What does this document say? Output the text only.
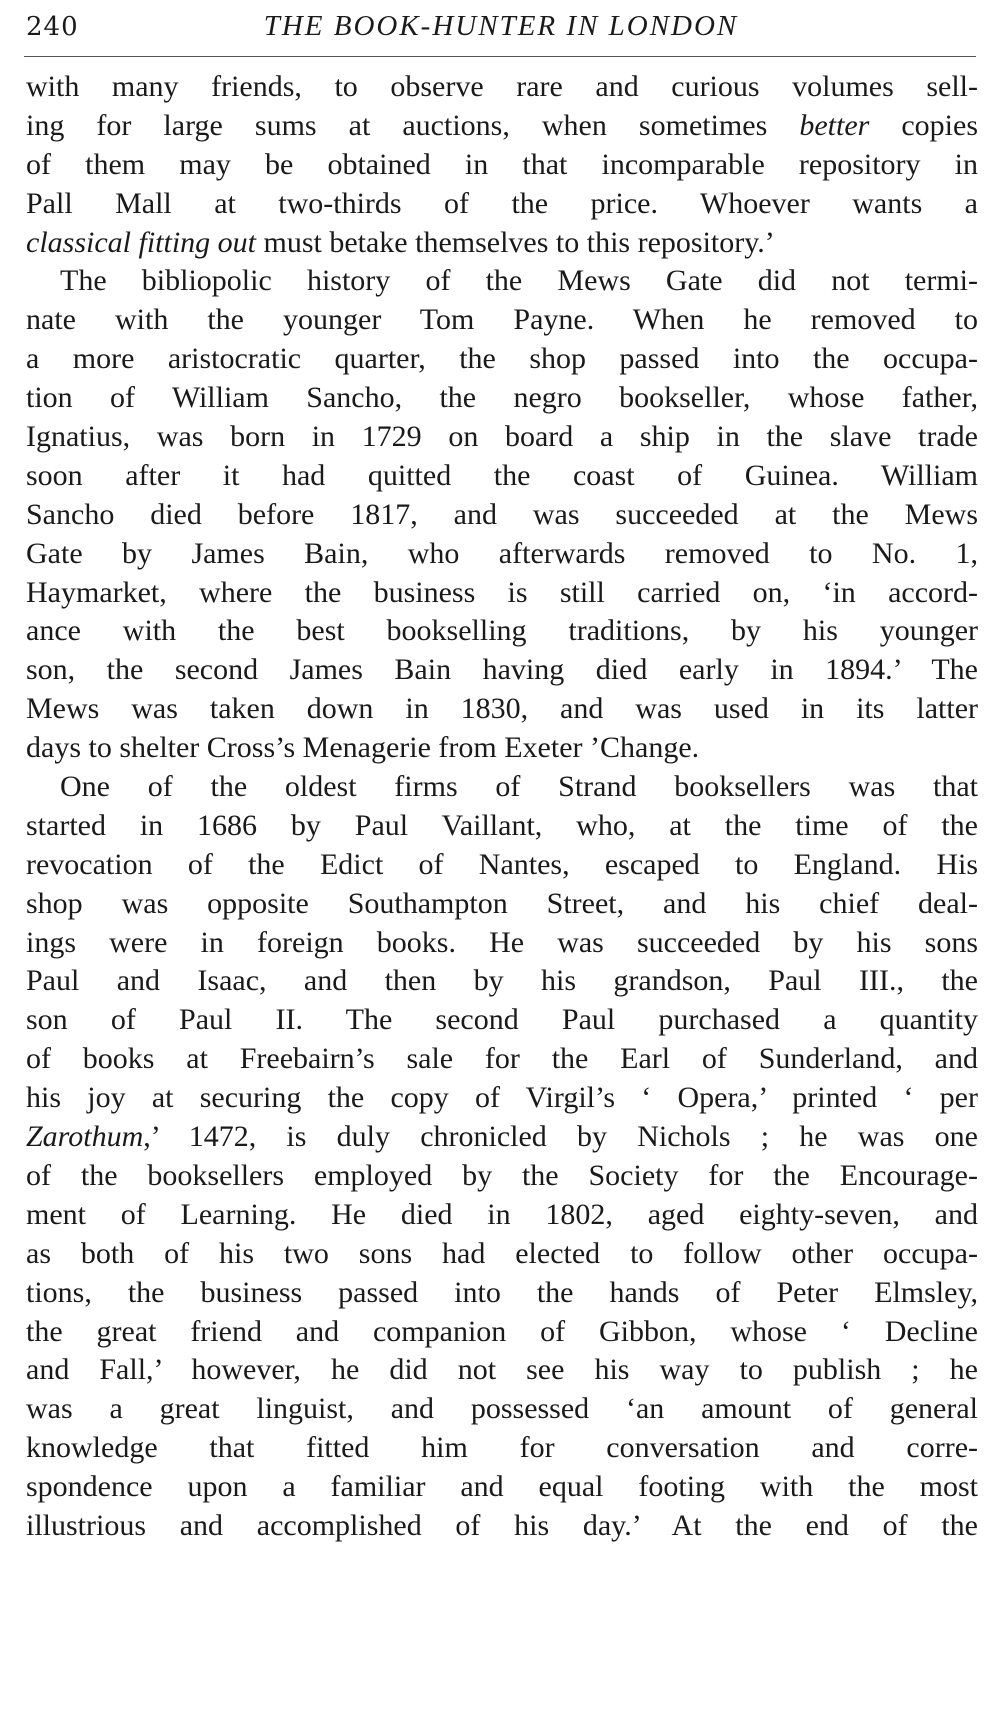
240	THE BOOK-HUNTER IN LONDON
with many friends, to observe rare and curious volumes sell-
ing for large sums at auctions, when sometimes better copies
of them may be obtained in that incomparable repository in
Pall Mall at two-thirds of the price. Whoever wants a
classical fitting out must betake themselves to this repository.’
The bibliopolic history of the Mews Gate did not termi-
nate with the younger Tom Payne. When he removed to
a more aristocratic quarter, the shop passed into the occupa-
tion of William Sancho, the negro bookseller, whose father,
Ignatius, was born in 1729 on board a ship in the slave trade
soon after it had quitted the coast of Guinea. William
Sancho died before 1817, and was succeeded at the Mews
Gate by James Bain, who afterwards removed to No. 1,
Haymarket, where the business is still carried on, ‘in accord-
ance with the best bookselling traditions, by his younger
son, the second James Bain having died early in 1894.’ The
Mews was taken down in 1830, and was used in its latter
days to shelter Cross’s Menagerie from Exeter ’Change.
One of the oldest firms of Strand booksellers was that
started in 1686 by Paul Vaillant, who, at the time of the
revocation of the Edict of Nantes, escaped to England. His
shop was opposite Southampton Street, and his chief deal-
ings were in foreign books. He was succeeded by his sons
Paul and Isaac, and then by his grandson, Paul III., the
son of Paul II. The second Paul purchased a quantity
of books at Freebairn’s sale for the Earl of Sunderland, and
his joy at securing the copy of Virgil’s ‘ Opera,’ printed ‘ per
Zarothum,’ 1472, is duly chronicled by Nichols ; he was one
of the booksellers employed by the Society for the Encourage-
ment of Learning. He died in 1802, aged eighty-seven, and
as both of his two sons had elected to follow other occupa-
tions, the business passed into the hands of Peter Elmsley,
the great friend and companion of Gibbon, whose ‘ Decline
and Fall,’ however, he did not see his way to publish ; he
was a great linguist, and possessed ‘an amount of general
knowledge that fitted him for conversation and corre-
spondence upon a familiar and equal footing with the most
illustrious and accomplished of his day.’ At the end of the
